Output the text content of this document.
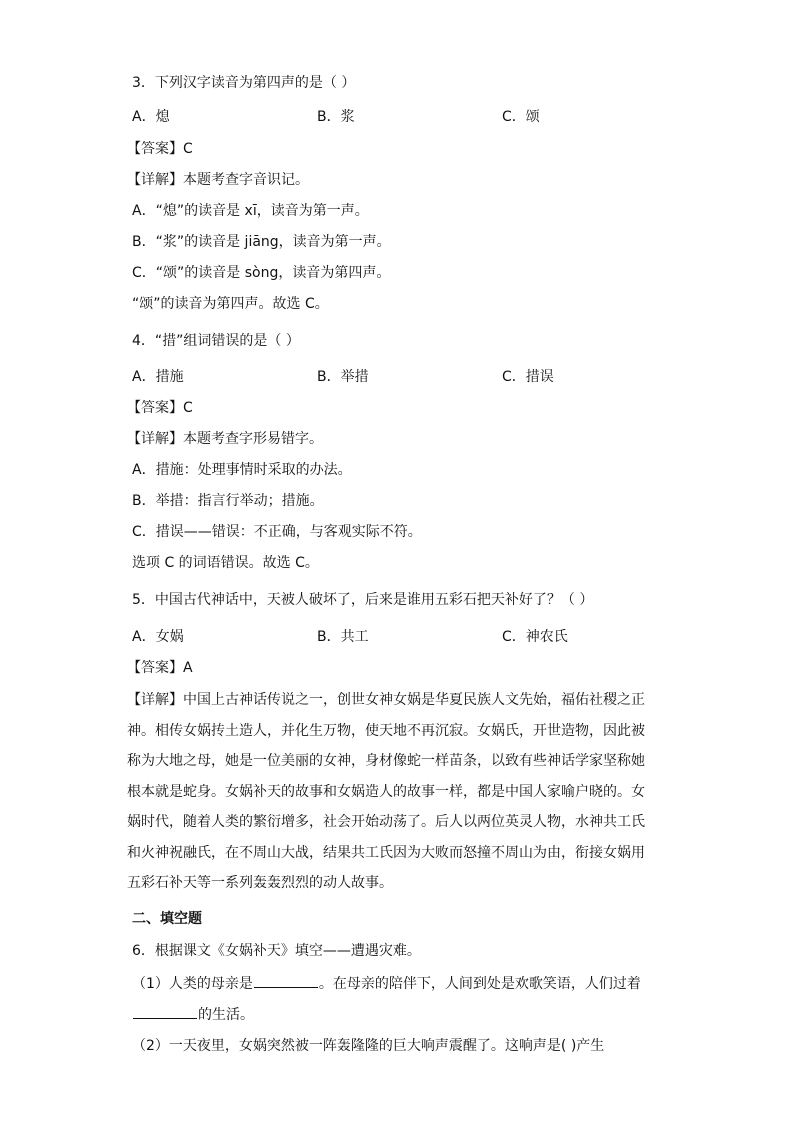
3．下列汉字读音为第四声的是（ ）
A．熄	B．浆	C．颂
【答案】C
【详解】本题考查字音识记。
A．“熄”的读音是 xī，读音为第一声。
B．“浆”的读音是 jiāng，读音为第一声。
C．“颂”的读音是 sòng，读音为第四声。
“颂”的读音为第四声。故选 C。
4．“措”组词错误的是（ ）
A．措施	B．举措	C．措误
【答案】C
【详解】本题考查字形易错字。
A．措施：处理事情时采取的办法。
B．举措：指言行举动；措施。
C．措误——错误：不正确，与客观实际不符。
选项 C 的词语错误。故选 C。
5．中国古代神话中，天被人破坏了，后来是谁用五彩石把天补好了？（ ）
A．女娲	B．共工	C．神农氏
【答案】A

【详解】中国上古神话传说之一，创世女神女娲是华夏民族人文先始，福佑社稷之正神。相传女娲抟土造人，并化生万物，使天地不再沉寂。女娲氏，开世造物，因此被称为大地之母，她是一位美丽的女神，身材像蛇一样苗条，以致有些神话学家坚称她根本就是蛇身。女娲补天的故事和女娲造人的故事一样，都是中国人家喻户晓的。女娲时代，随着人类的繁衍增多，社会开始动荡了。后人以两位英灵人物，水神共工氏和火神祝融氏，在不周山大战，结果共工氏因为大败而怒撞不周山为由，衔接女娲用五彩石补天等一系列轰轰烈烈的动人故事。

二、填空题
6．根据课文《女娲补天》填空——遭遇灾难。
（1）人类的母亲是	。在母亲的陪伴下，人间到处是欢歌笑语，人们过着
的生活。
（2）一天夜里，女娲突然被一阵轰隆隆的巨大响声震醒了。这响声是( )产生
